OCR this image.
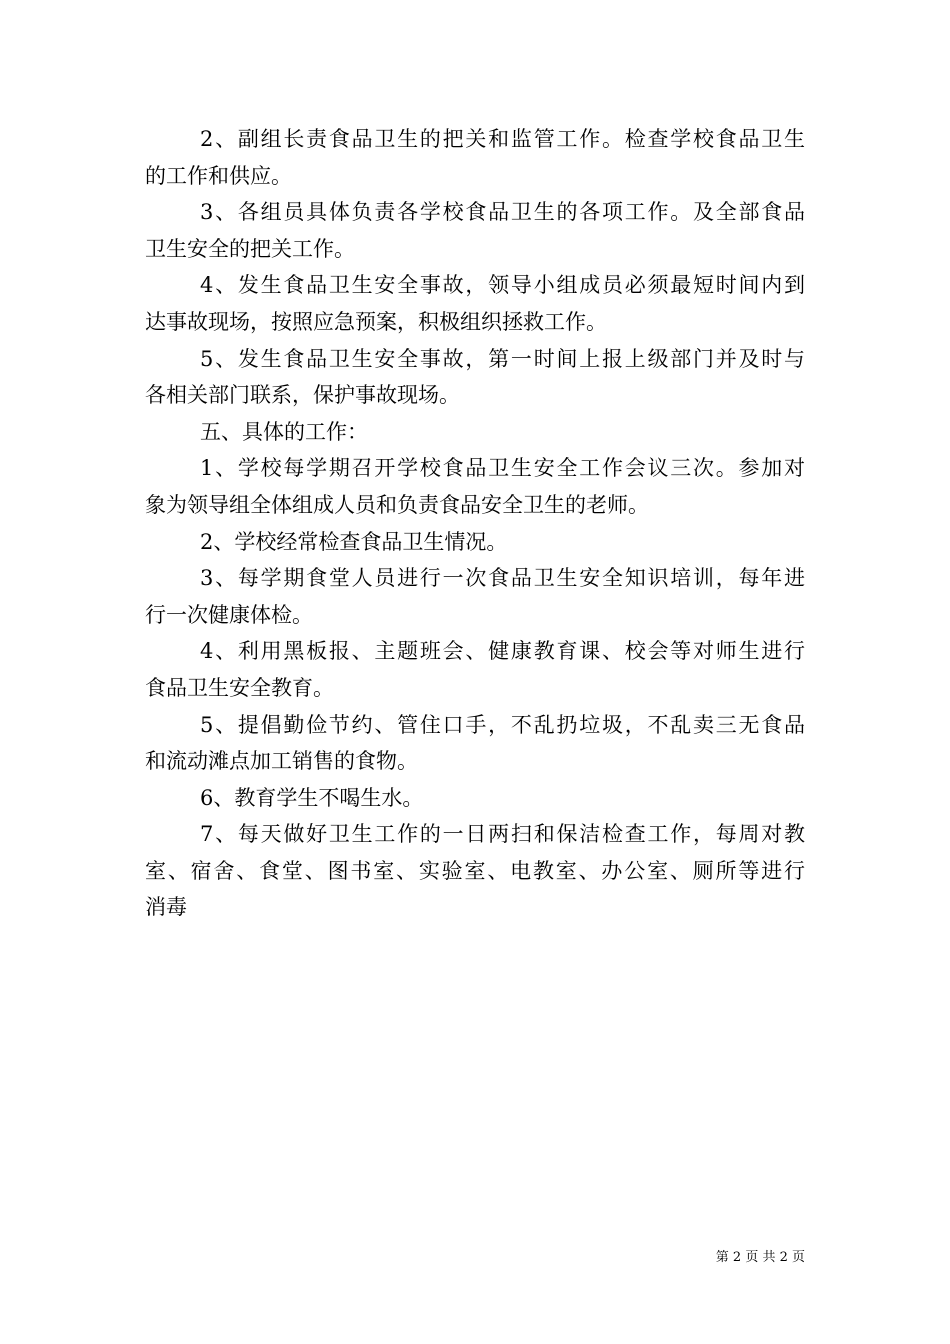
2、副组长责食品卫生的把关和监管工作。检查学校食品卫生
的工作和供应。
3、各组员具体负责各学校食品卫生的各项工作。及全部食品
卫生安全的把关工作。
4、发生食品卫生安全事故，领导小组成员必须最短时间内到
达事故现场，按照应急预案，积极组织拯救工作。
5、发生食品卫生安全事故，第一时间上报上级部门并及时与
各相关部门联系，保护事故现场。
五、具体的工作：
1、学校每学期召开学校食品卫生安全工作会议三次。参加对
象为领导组全体组成人员和负责食品安全卫生的老师。
2、学校经常检查食品卫生情况。
3、每学期食堂人员进行一次食品卫生安全知识培训，每年进
行一次健康体检。
4、利用黑板报、主题班会、健康教育课、校会等对师生进行
食品卫生安全教育。
5、提倡勤俭节约、管住口手，不乱扔垃圾，不乱卖三无食品
和流动滩点加工销售的食物。
6、教育学生不喝生水。
7、每天做好卫生工作的一日两扫和保洁检查工作，每周对教
室、宿舍、食堂、图书室、实验室、电教室、办公室、厕所等进行
消毒
第 2 页 共 2 页
